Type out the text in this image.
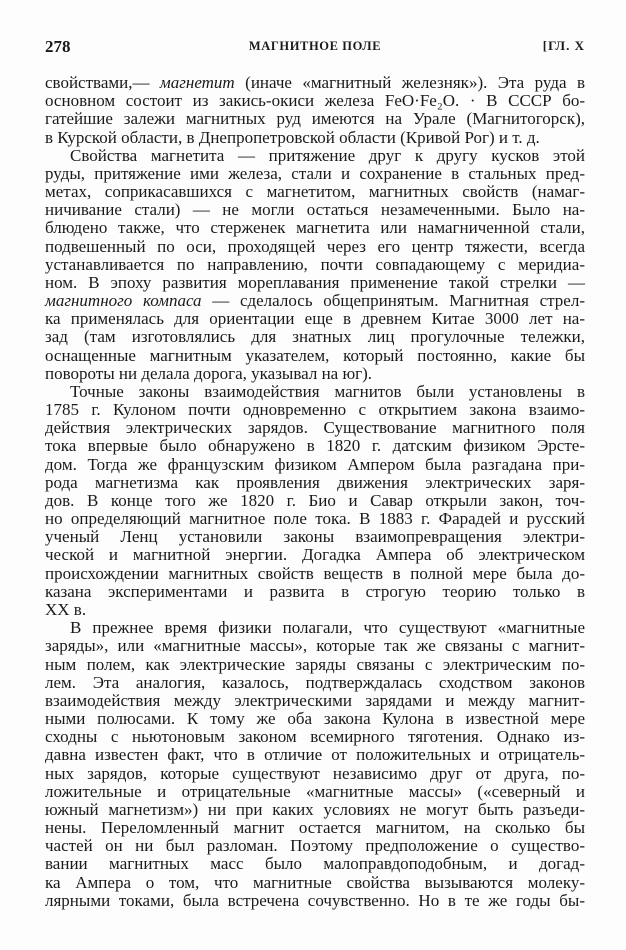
278	МАГНИТНОЕ ПОЛЕ	[ГЛ. X
свойствами,— магнетит (иначе «магнитный железняк»). Эта руда в
основном состоит из закись-окиси железа FeO·Fe₂O. · В СССР бо-
гатейшие залежи магнитных руд имеются на Урале (Магнитогорск),
в Курской области, в Днепропетровской области (Кривой Рог) и т. д.
Свойства магнетита — притяжение друг к другу кусков этой
руды, притяжение ими железа, стали и сохранение в стальных пред-
метах, соприкасавшихся с магнетитом, магнитных свойств (намаг-
ничивание стали) — не могли остаться незамеченными. Было на-
блюдено также, что стерженек магнетита или намагниченной стали,
подвешенный по оси, проходящей через его центр тяжести, всегда
устанавливается по направлению, почти совпадающему с меридиа-
ном. В эпоху развития мореплавания применение такой стрелки —
магнитного компаса — сделалось общепринятым. Магнитная стрел-
ка применялась для ориентации еще в древнем Китае 3000 лет на-
зад (там изготовлялись для знатных лиц прогулочные тележки,
оснащенные магнитным указателем, который постоянно, какие бы
повороты ни делала дорога, указывал на юг).
Точные законы взаимодействия магнитов были установлены в
1785 г. Кулоном почти одновременно с открытием закона взаимо-
действия электрических зарядов. Существование магнитного поля
тока впервые было обнаружено в 1820 г. датским физиком Эрсте-
дом. Тогда же французским физиком Ампером была разгадана при-
рода магнетизма как проявления движения электрических заря-
дов. В конце того же 1820 г. Био и Савар открыли закон, точ-
но определяющий магнитное поле тока. В 1883 г. Фарадей и русский
ученый Ленц установили законы взаимопревращения электри-
ческой и магнитной энергии. Догадка Ампера об электрическом
происхождении магнитных свойств веществ в полной мере была до-
казана экспериментами и развита в строгую теорию только в
XX в.
В прежнее время физики полагали, что существуют «магнитные
заряды», или «магнитные массы», которые так же связаны с магнит-
ным полем, как электрические заряды связаны с электрическим по-
лем. Эта аналогия, казалось, подтверждалась сходством законов
взаимодействия между электрическими зарядами и между магнит-
ными полюсами. К тому же оба закона Кулона в известной мере
сходны с ньютоновым законом всемирного тяготения. Однако из-
давна известен факт, что в отличие от положительных и отрицатель-
ных зарядов, которые существуют независимо друг от друга, по-
ложительные и отрицательные «магнитные массы» («северный и
южный магнетизм») ни при каких условиях не могут быть разъеди-
нены. Переломленный магнит остается магнитом, на сколько бы
частей он ни был разломан. Поэтому предположение о существо-
вании магнитных масс было малоправдоподобным, и догад-
ка Ампера о том, что магнитные свойства вызываются молеку-
лярными токами, была встречена сочувственно. Но в те же годы бы-
